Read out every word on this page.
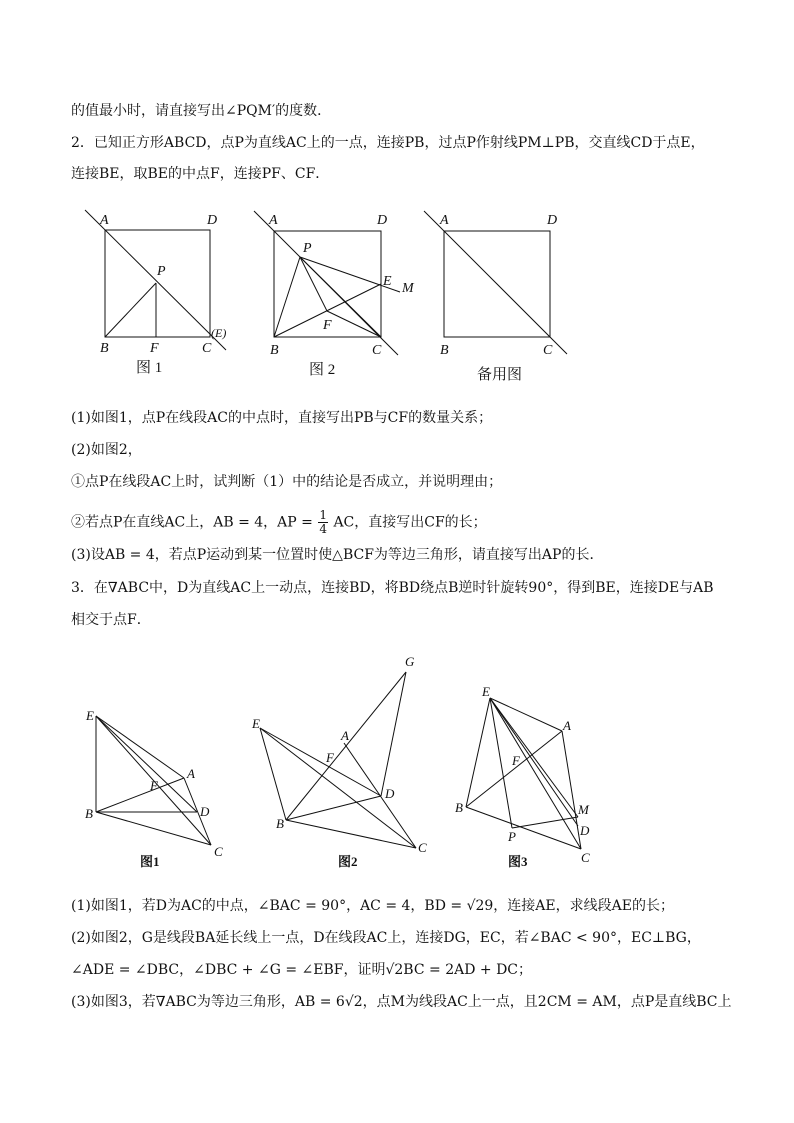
的值最小时，请直接写出∠PQM′的度数．
2．已知正方形ABCD，点P为直线AC上的一点，连接PB，过点P作射线PM⊥PB，交直线CD于点E，
连接BE，取BE的中点F，连接PF、CF．
A	D
P
B	F	C
(E)
A	D
P
E M
F
B	C
A	D
B	C
图 1	图 2	备用图
(1)如图1，点P在线段AC的中点时，直接写出PB与CF的数量关系；
(2)如图2，
①点P在线段AC上时，试判断（1）中的结论是否成立，并说明理由；
②若点P在直线AC上，AB = 4，AP = $\frac{1}{4}$ AC，直接写出CF的长；
(3)设AB = 4，若点P运动到某一位置时使△BCF为等边三角形，请直接写出AP的长．
3．在∇ABC中，D为直线AC上一动点，连接BD，将BD绕点B逆时针旋转90°，得到BE，连接DE与AB
相交于点F．
E
A
F
B	D
C
G
E
A
F
D
B
C
E
A
F
B	M
D
P
C
图1	图2	图3
(1)如图1，若D为AC的中点，∠BAC = 90°，AC = 4，BD = √29，连接AE，求线段AE的长；
(2)如图2，G是线段BA延长线上一点，D在线段AC上，连接DG，EC，若∠BAC < 90°，EC⊥BG，
∠ADE = ∠DBC，∠DBC + ∠G = ∠EBF，证明√2BC = 2AD + DC；
(3)如图3，若∇ABC为等边三角形，AB = 6√2，点M为线段AC上一点，且2CM = AM，点P是直线BC上
